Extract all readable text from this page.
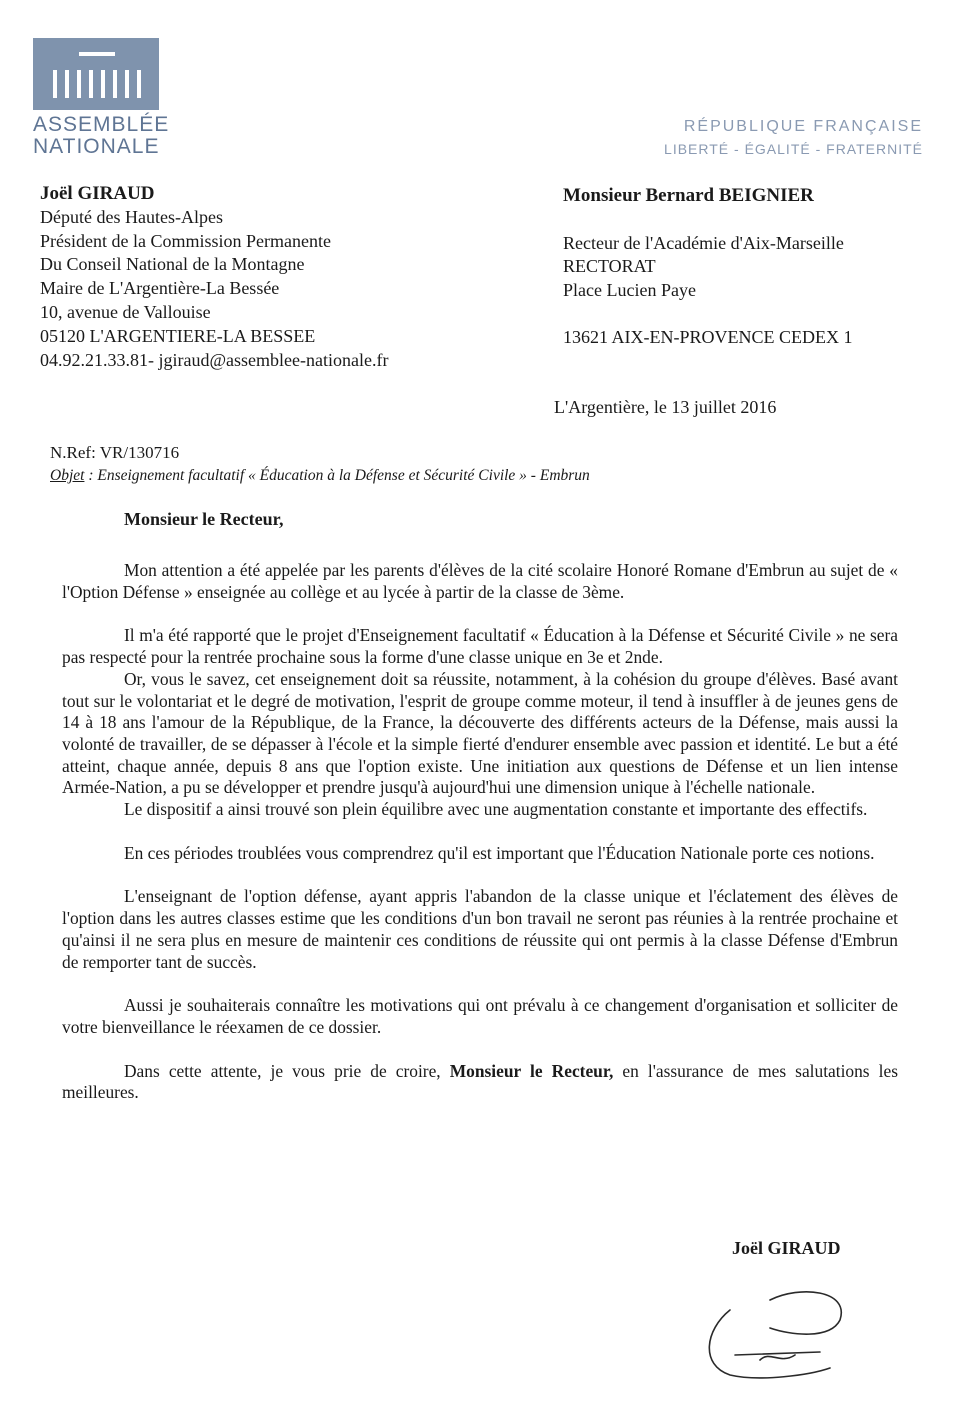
ASSEMBLÉE
NATIONALE
RÉPUBLIQUE FRANÇAISE
LIBERTÉ - ÉGALITÉ - FRATERNITÉ
Joël GIRAUD
Député des Hautes-Alpes
Président de la Commission Permanente
Du Conseil National de la Montagne
Maire de L'Argentière-La Bessée
10, avenue de Vallouise
05120 L'ARGENTIERE-LA BESSEE
04.92.21.33.81- jgiraud@assemblee-nationale.fr
Monsieur Bernard BEIGNIER
Recteur de l'Académie d'Aix-Marseille
RECTORAT
Place Lucien Paye
13621 AIX-EN-PROVENCE CEDEX 1
L'Argentière, le 13 juillet 2016
N.Ref: VR/130716
Objet : Enseignement facultatif « Éducation à la Défense et Sécurité Civile » - Embrun
Monsieur le Recteur,

Mon attention a été appelée par les parents d'élèves de la cité scolaire Honoré Romane d'Embrun au sujet de « l'Option Défense » enseignée au collège et au lycée à partir de la classe de 3ème.

Il m'a été rapporté que le projet d'Enseignement facultatif « Éducation à la Défense et Sécurité Civile » ne sera pas respecté pour la rentrée prochaine sous la forme d'une classe unique en 3e et 2nde.

Or, vous le savez, cet enseignement doit sa réussite, notamment, à la cohésion du groupe d'élèves. Basé avant tout sur le volontariat et le degré de motivation, l'esprit de groupe comme moteur, il tend à insuffler à de jeunes gens de 14 à 18 ans l'amour de la République, de la France, la découverte des différents acteurs de la Défense, mais aussi la volonté de travailler, de se dépasser à l'école et la simple fierté d'endurer ensemble avec passion et identité. Le but a été atteint, chaque année, depuis 8 ans que l'option existe. Une initiation aux questions de Défense et un lien intense Armée-Nation, a pu se développer et prendre jusqu'à aujourd'hui une dimension unique à l'échelle nationale.

Le dispositif a ainsi trouvé son plein équilibre avec une augmentation constante et importante des effectifs.

En ces périodes troublées vous comprendrez qu'il est important que l'Éducation Nationale porte ces notions.

L'enseignant de l'option défense, ayant appris l'abandon de la classe unique et l'éclatement des élèves de l'option dans les autres classes estime que les conditions d'un bon travail ne seront pas réunies à la rentrée prochaine et qu'ainsi il ne sera plus en mesure de maintenir ces conditions de réussite qui ont permis à la classe Défense d'Embrun de remporter tant de succès.

Aussi je souhaiterais connaître les motivations qui ont prévalu à ce changement d'organisation et solliciter de votre bienveillance le réexamen de ce dossier.

Dans cette attente, je vous prie de croire, Monsieur le Recteur, en l'assurance de mes salutations les meilleures.

Joël GIRAUD
